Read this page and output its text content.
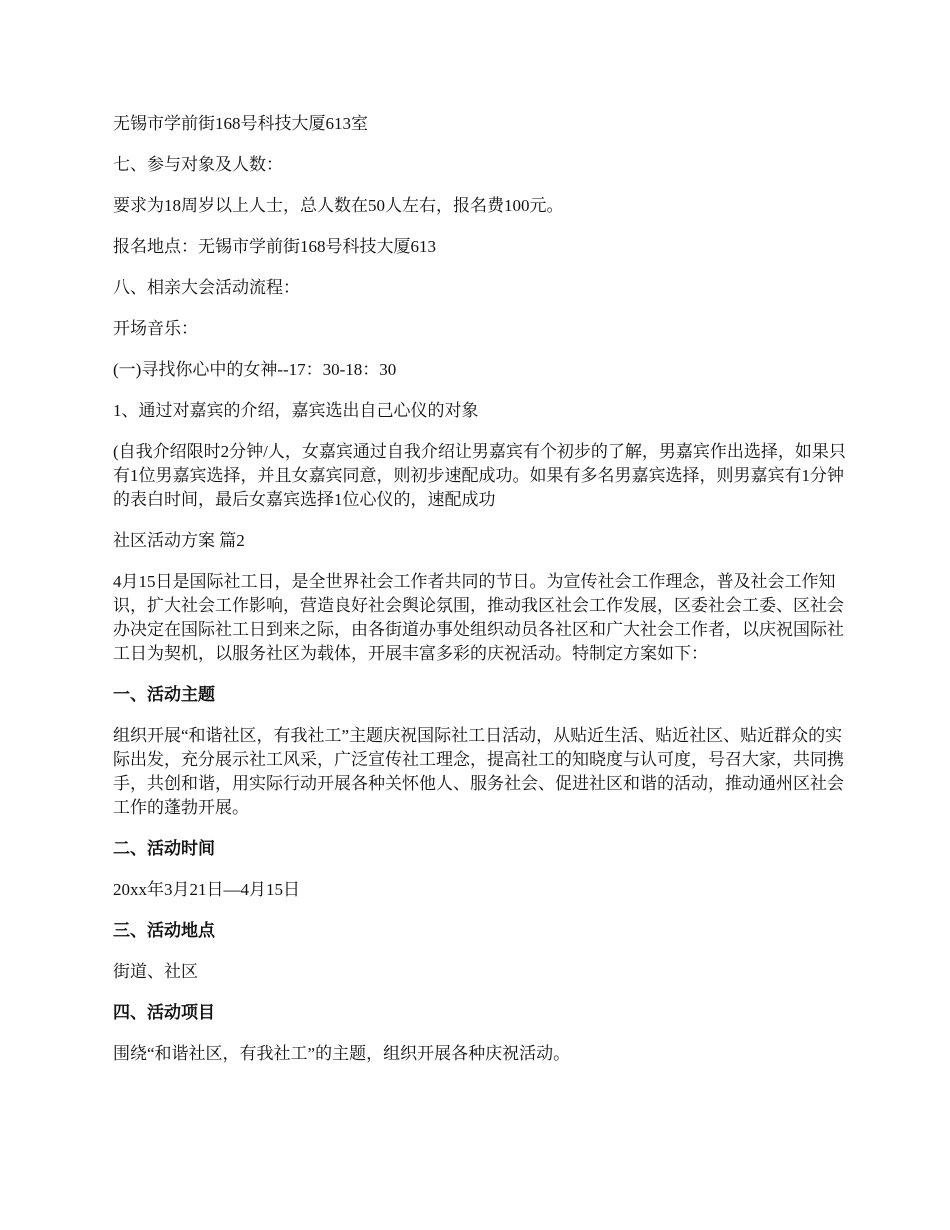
无锡市学前街168号科技大厦613室

七、参与对象及人数：

要求为18周岁以上人士，总人数在50人左右，报名费100元。

报名地点：无锡市学前街168号科技大厦613

八、相亲大会活动流程：

开场音乐：

(一)寻找你心中的女神--17：30-18：30

1、通过对嘉宾的介绍，嘉宾选出自己心仪的对象

(自我介绍限时2分钟/人，女嘉宾通过自我介绍让男嘉宾有个初步的了解，男嘉宾作出选择，如果只有1位男嘉宾选择，并且女嘉宾同意，则初步速配成功。如果有多名男嘉宾选择，则男嘉宾有1分钟的表白时间，最后女嘉宾选择1位心仪的，速配成功

社区活动方案 篇2

4月15日是国际社工日，是全世界社会工作者共同的节日。为宣传社会工作理念，普及社会工作知识，扩大社会工作影响，营造良好社会舆论氛围，推动我区社会工作发展，区委社会工委、区社会办决定在国际社工日到来之际，由各街道办事处组织动员各社区和广大社会工作者，以庆祝国际社工日为契机，以服务社区为载体，开展丰富多彩的庆祝活动。特制定方案如下：

一、活动主题

组织开展“和谐社区，有我社工”主题庆祝国际社工日活动，从贴近生活、贴近社区、贴近群众的实际出发，充分展示社工风采，广泛宣传社工理念，提高社工的知晓度与认可度，号召大家，共同携手，共创和谐，用实际行动开展各种关怀他人、服务社会、促进社区和谐的活动，推动通州区社会工作的蓬勃开展。

二、活动时间

20xx年3月21日—4月15日

三、活动地点

街道、社区

四、活动项目

围绕“和谐社区，有我社工”的主题，组织开展各种庆祝活动。
